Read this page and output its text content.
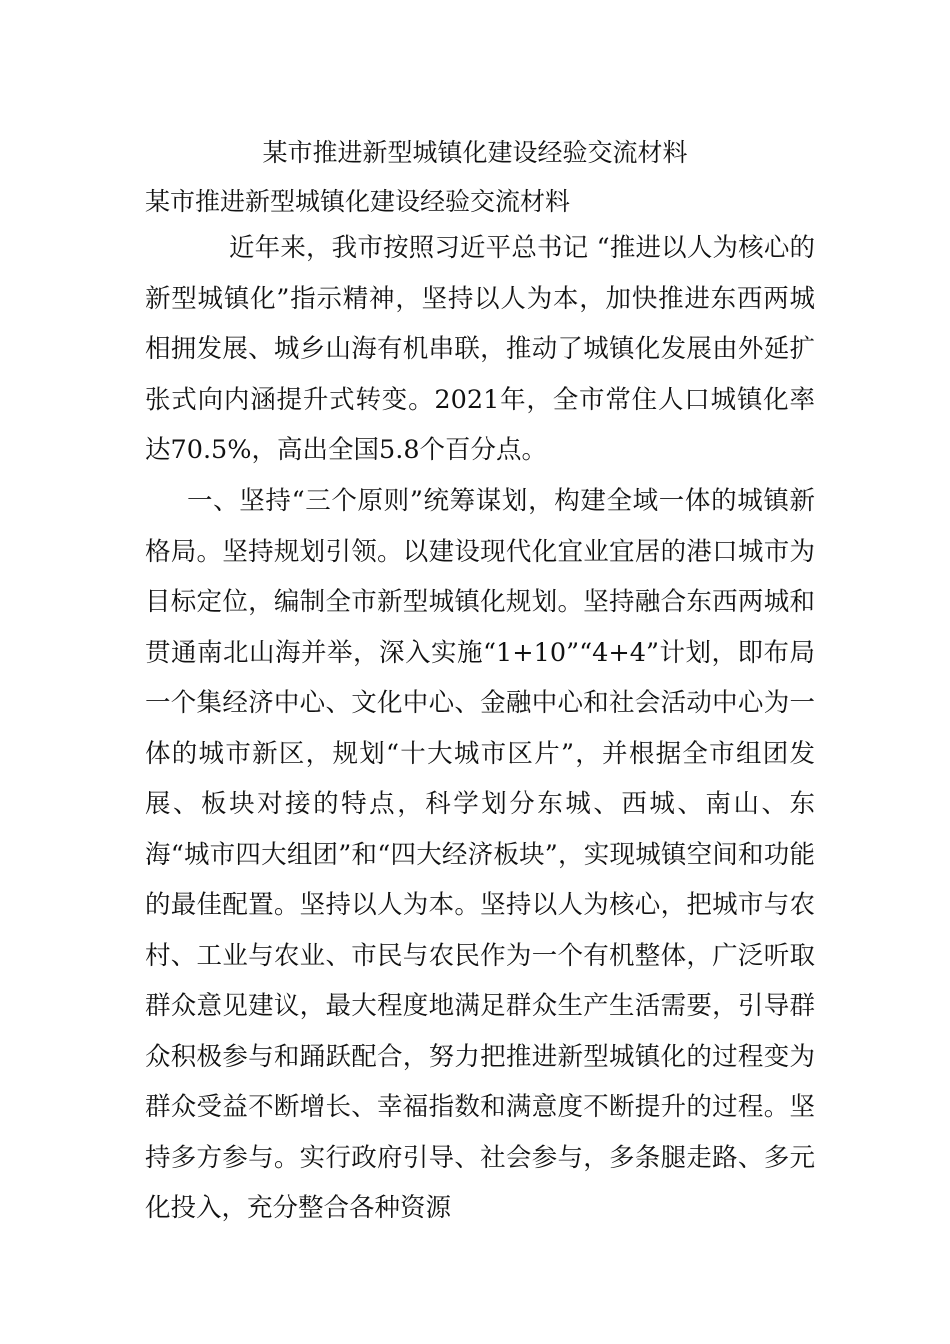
某市推进新型城镇化建设经验交流材料
某市推进新型城镇化建设经验交流材料
近年来，我市按照习近平总书记 “推进以人为核心的新型城镇化”指示精神，坚持以人为本，加快推进东西两城相拥发展、城乡山海有机串联，推动了城镇化发展由外延扩张式向内涵提升式转变。2021年，全市常住人口城镇化率达70.5%，高出全国5.8个百分点。
一、坚持“三个原则”统筹谋划，构建全域一体的城镇新格局。坚持规划引领。以建设现代化宜业宜居的港口城市为目标定位，编制全市新型城镇化规划。坚持融合东西两城和贯通南北山海并举，深入实施“1+10”“4+4”计划，即布局一个集经济中心、文化中心、金融中心和社会活动中心为一体的城市新区，规划“十大城市区片”，并根据全市组团发展、板块对接的特点，科学划分东城、西城、南山、东海“城市四大组团”和“四大经济板块”，实现城镇空间和功能的最佳配置。坚持以人为本。坚持以人为核心，把城市与农村、工业与农业、市民与农民作为一个有机整体，广泛听取群众意见建议，最大程度地满足群众生产生活需要，引导群众积极参与和踊跃配合，努力把推进新型城镇化的过程变为群众受益不断增长、幸福指数和满意度不断提升的过程。坚持多方参与。实行政府引导、社会参与，多条腿走路、多元化投入，充分整合各种资源
